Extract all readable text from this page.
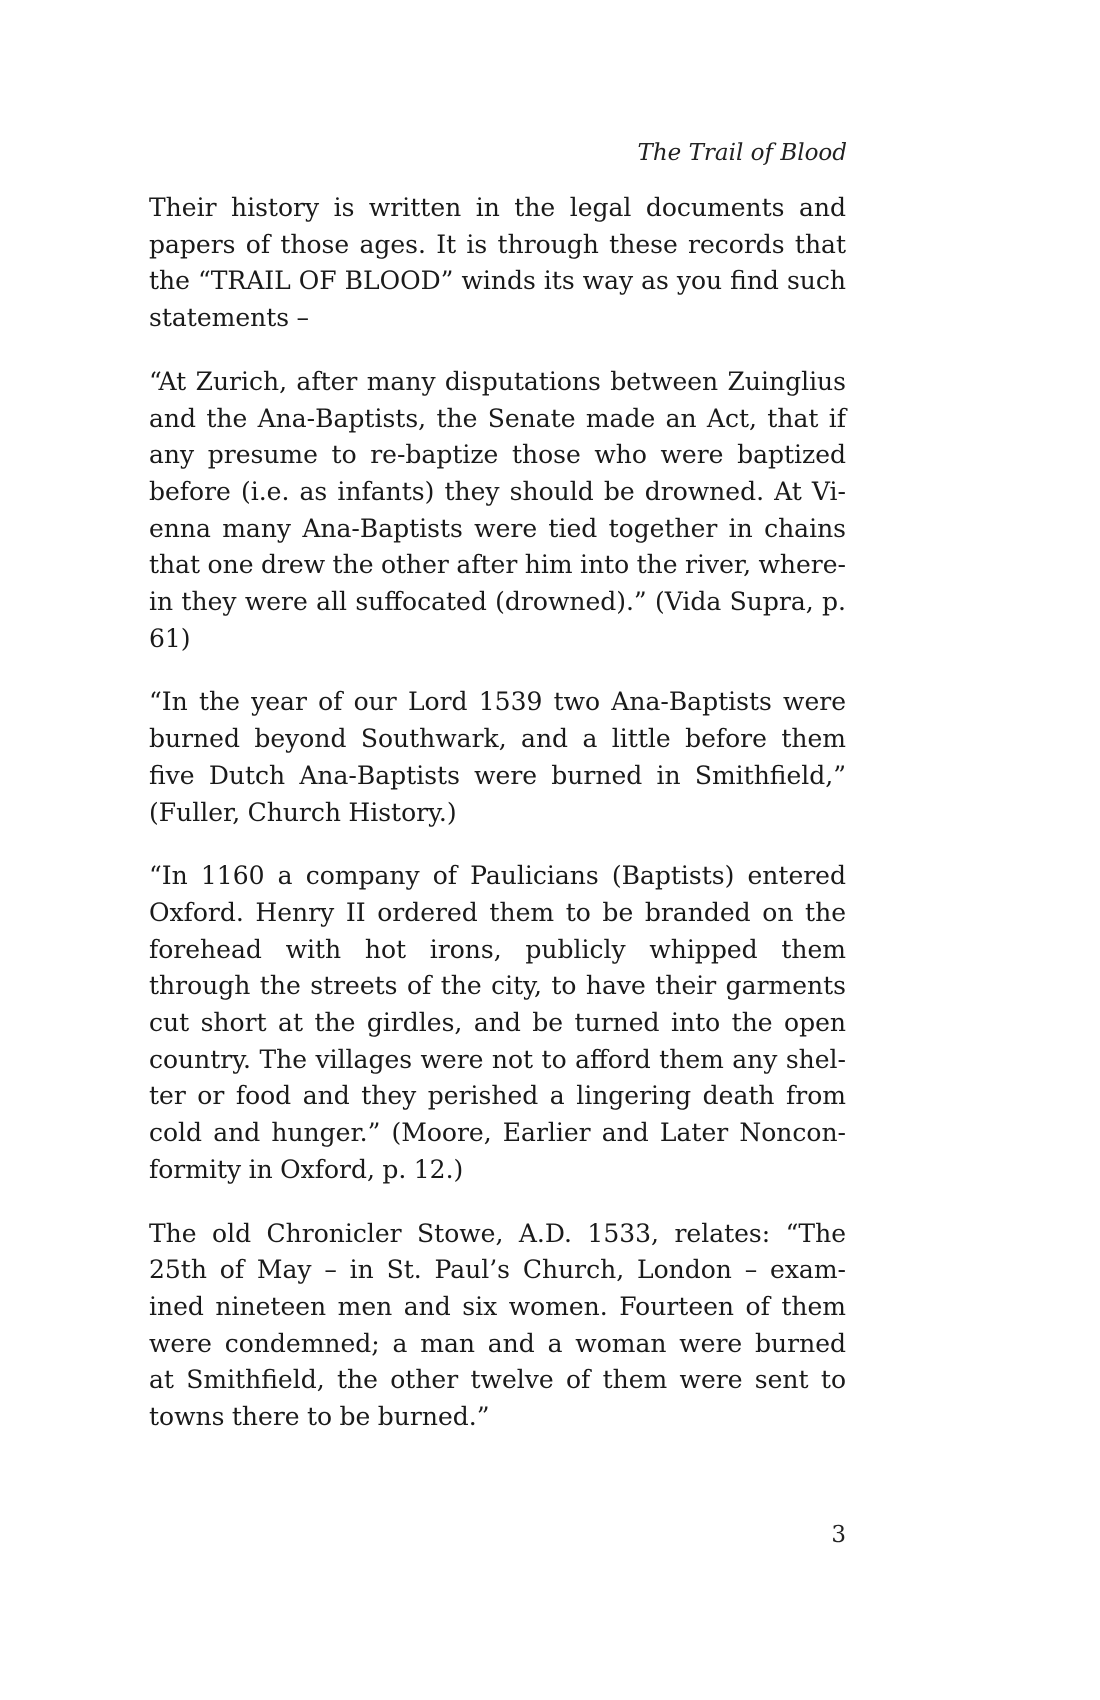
The Trail of Blood

Their history is written in the legal documents and
papers of those ages. It is through these records that
the “TRAIL OF BLOOD” winds its way as you find such
statements –

“At Zurich, after many disputations between Zuinglius
and the Ana-Baptists, the Senate made an Act, that if
any presume to re-baptize those who were baptized
before (i.e. as infants) they should be drowned. At Vi-
enna many Ana-Baptists were tied together in chains
that one drew the other after him into the river, where-
in they were all suffocated (drowned).” (Vida Supra, p.
61)

“In the year of our Lord 1539 two Ana-Baptists were
burned beyond Southwark, and a little before them
five Dutch Ana-Baptists were burned in Smithfield,”
(Fuller, Church History.)

“In 1160 a company of Paulicians (Baptists) entered
Oxford. Henry II ordered them to be branded on the
forehead with hot irons, publicly whipped them
through the streets of the city, to have their garments
cut short at the girdles, and be turned into the open
country. The villages were not to afford them any shel-
ter or food and they perished a lingering death from
cold and hunger.” (Moore, Earlier and Later Noncon-
formity in Oxford, p. 12.)

The old Chronicler Stowe, A.D. 1533, relates: “The
25th of May – in St. Paul’s Church, London – exam-
ined nineteen men and six women. Fourteen of them
were condemned; a man and a woman were burned
at Smithfield, the other twelve of them were sent to
towns there to be burned.”

3
